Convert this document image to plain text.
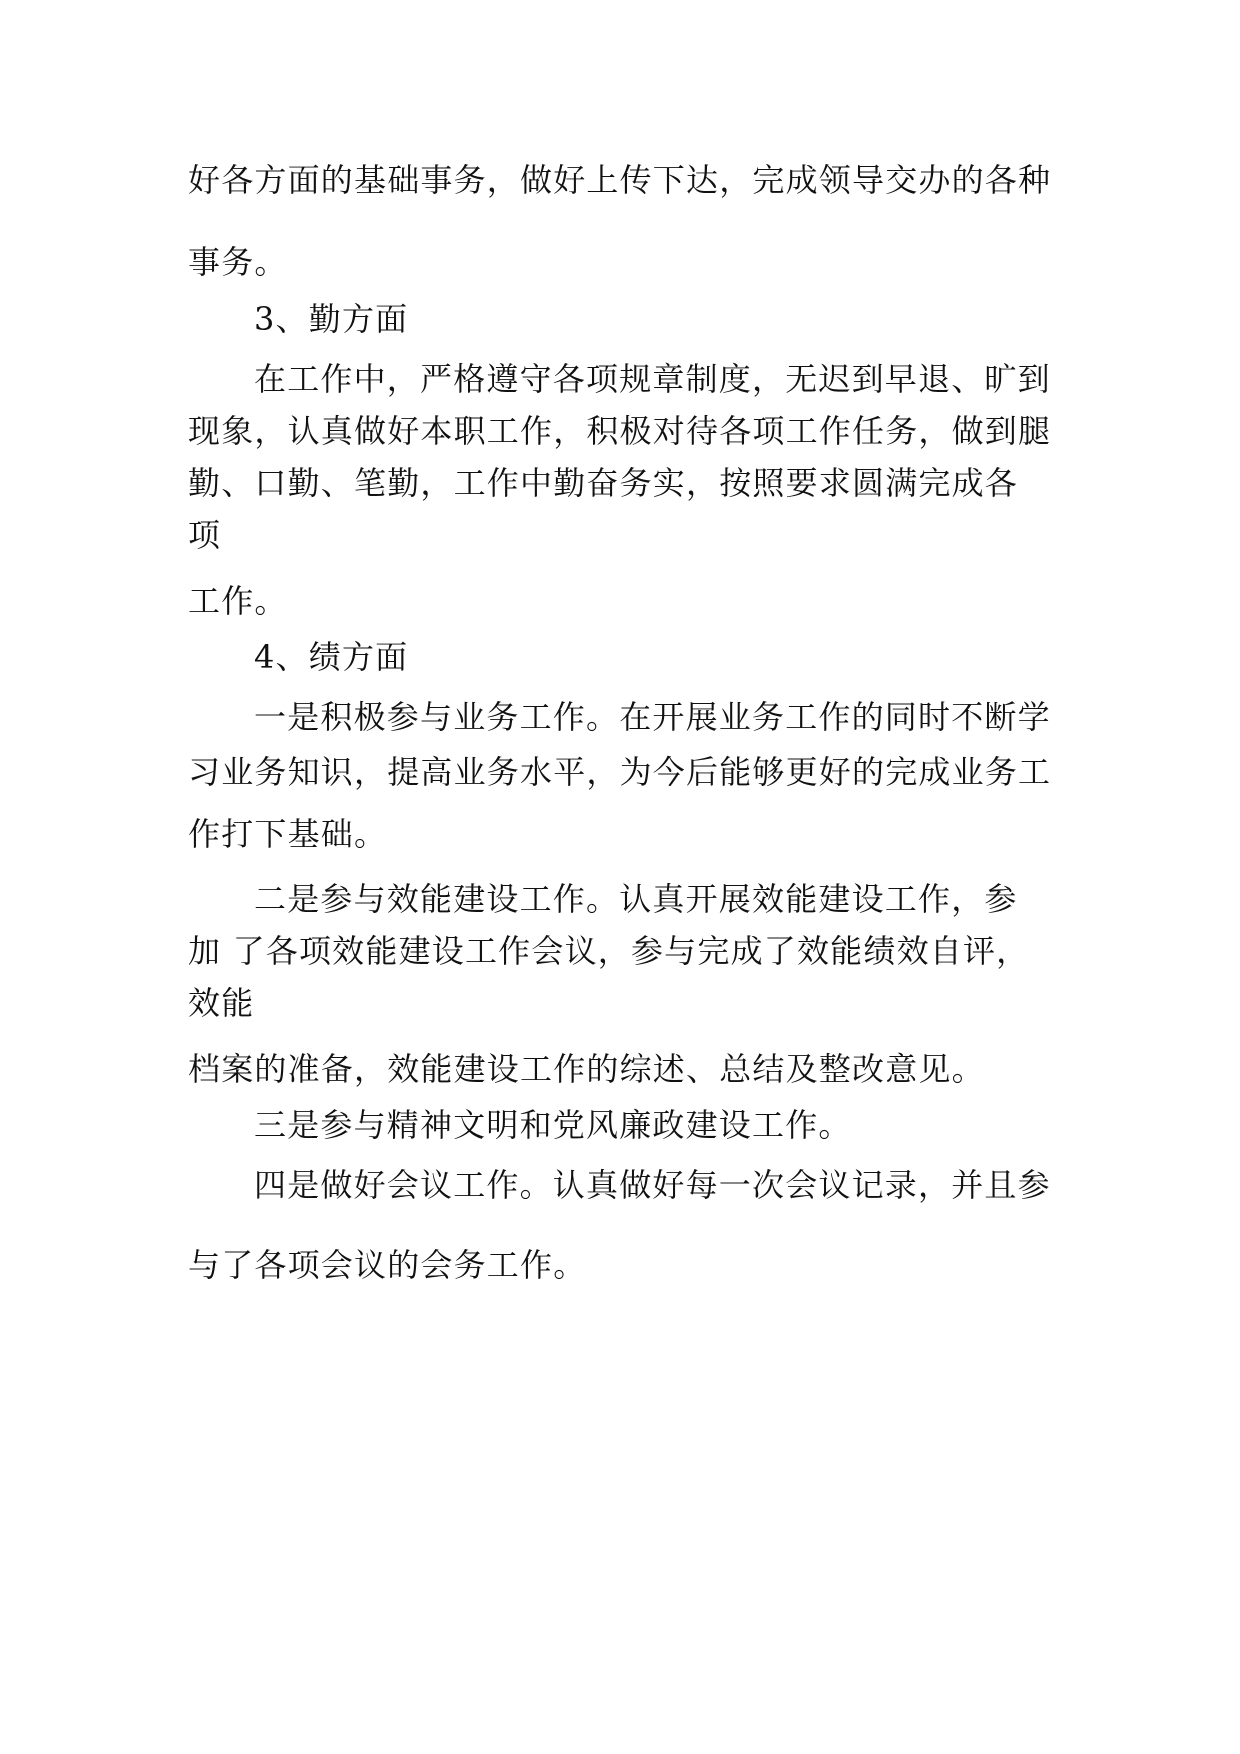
好各方面的基础事务，做好上传下达，完成领导交办的各种
事务。
3、勤方面
在工作中，严格遵守各项规章制度，无迟到早退、旷到
现象，认真做好本职工作，积极对待各项工作任务，做到腿
勤、口勤、笔勤，工作中勤奋务实，按照要求圆满完成各
项
工作。
4、绩方面
一是积极参与业务工作。在开展业务工作的同时不断学
习业务知识，提高业务水平，为今后能够更好的完成业务工
作打下基础。
二是参与效能建设工作。认真开展效能建设工作，参
加 了各项效能建设工作会议，参与完成了效能绩效自评，
效能
档案的准备，效能建设工作的综述、总结及整改意见。
三是参与精神文明和党风廉政建设工作。
四是做好会议工作。认真做好每一次会议记录，并且参
与了各项会议的会务工作。
